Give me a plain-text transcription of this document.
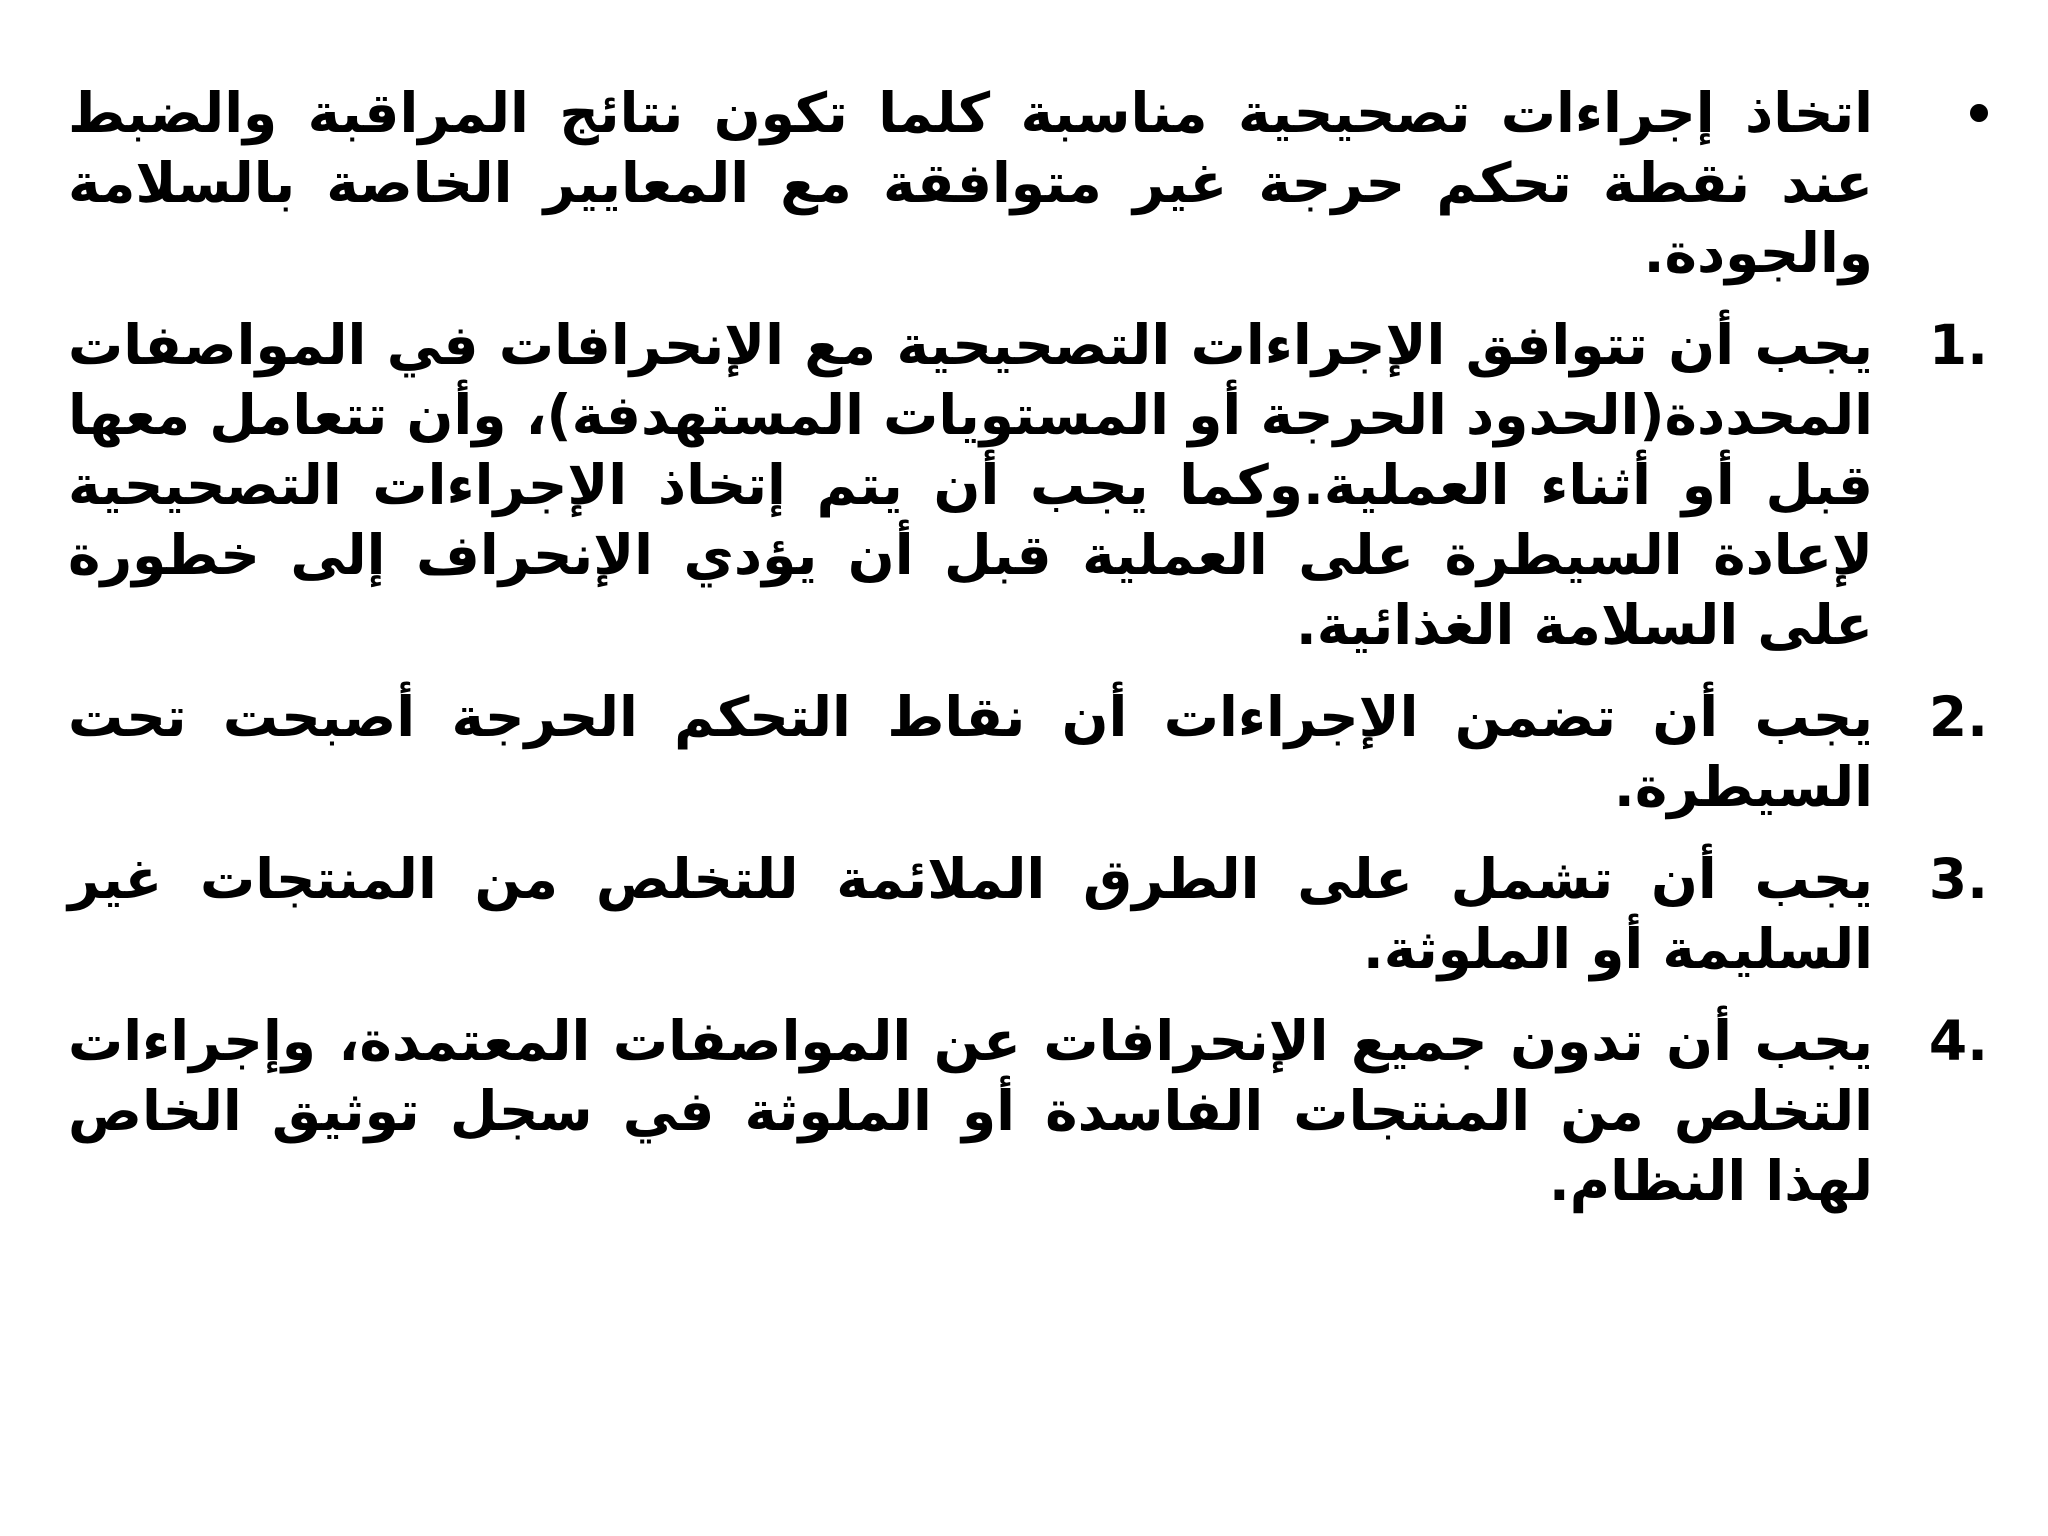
اتخاذ إجراءات تصحيحية مناسبة كلما تكون نتائج المراقبة والضبط عند نقطة تحكم حرجة غير متوافقة مع المعايير الخاصة بالسلامة والجودة.
1.
يجب أن تتوافق الإجراءات التصحيحية مع الإنحرافات في المواصفات المحددة(الحدود الحرجة أو المستويات المستهدفة)، وأن تتعامل معها قبل أو أثناء العملية.وكما يجب أن يتم إتخاذ الإجراءات التصحيحية لإعادة السيطرة على العملية قبل أن يؤدي الإنحراف إلى خطورة على السلامة الغذائية.
2.
يجب أن تضمن الإجراءات أن نقاط التحكم الحرجة أصبحت تحت السيطرة.
3.
يجب أن تشمل على الطرق الملائمة للتخلص من المنتجات غير السليمة أو الملوثة.
4.
يجب أن تدون جميع الإنحرافات عن المواصفات المعتمدة، وإجراءات التخلص من المنتجات الفاسدة أو الملوثة في سجل توثيق الخاص لهذا النظام.
